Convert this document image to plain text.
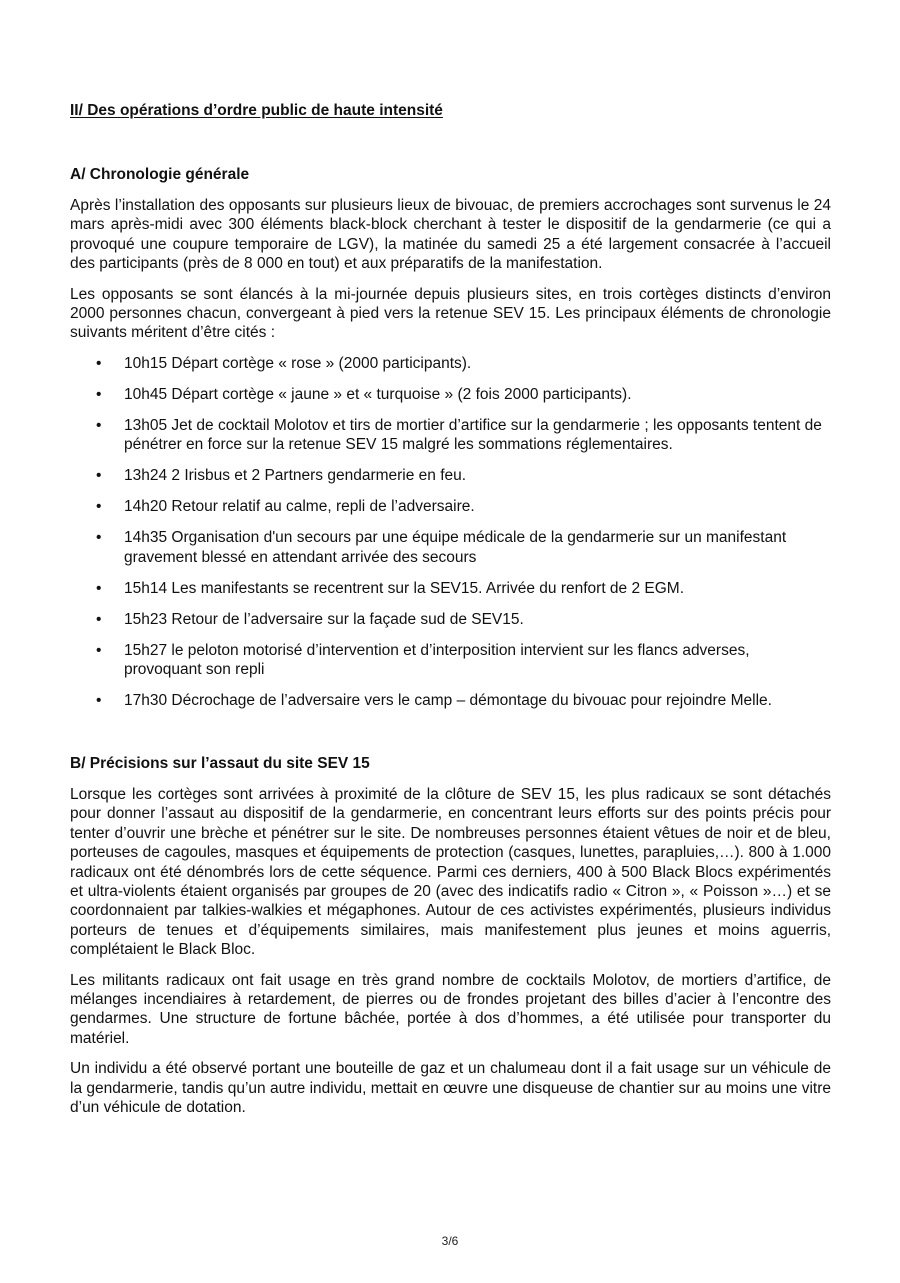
II/ Des opérations d’ordre public de haute intensité

A/ Chronologie générale

Après l’installation des opposants sur plusieurs lieux de bivouac, de premiers accrochages sont survenus le 24 mars après-midi avec 300 éléments black-block cherchant à tester le dispositif de la gendarmerie (ce qui a provoqué une coupure temporaire de LGV), la matinée du samedi 25 a été largement consacrée à l’accueil des participants (près de 8 000 en tout) et aux préparatifs de la manifestation.

Les opposants se sont élancés à la mi-journée depuis plusieurs sites, en trois cortèges distincts d’environ 2000 personnes chacun, convergeant à pied vers la retenue SEV 15. Les principaux éléments de chronologie suivants méritent d’être cités :

• 10h15 Départ cortège « rose » (2000 participants).
• 10h45 Départ cortège « jaune » et « turquoise » (2 fois 2000 participants).
• 13h05 Jet de cocktail Molotov et tirs de mortier d’artifice sur la gendarmerie ; les opposants tentent de pénétrer en force sur la retenue SEV 15 malgré les sommations réglementaires.
• 13h24 2 Irisbus et 2 Partners gendarmerie en feu.
• 14h20 Retour relatif au calme, repli de l’adversaire.
• 14h35 Organisation d'un secours par une équipe médicale de la gendarmerie sur un manifestant gravement blessé en attendant arrivée des secours
• 15h14 Les manifestants se recentrent sur la SEV15. Arrivée du renfort de 2 EGM.
• 15h23 Retour de l’adversaire sur la façade sud de SEV15.
• 15h27 le peloton motorisé d’intervention et d’interposition intervient sur les flancs adverses, provoquant son repli
• 17h30 Décrochage de l’adversaire vers le camp – démontage du bivouac pour rejoindre Melle.

B/ Précisions sur l’assaut du site SEV 15

Lorsque les cortèges sont arrivées à proximité de la clôture de SEV 15, les plus radicaux se sont détachés pour donner l’assaut au dispositif de la gendarmerie, en concentrant leurs efforts sur des points précis pour tenter d’ouvrir une brèche et pénétrer sur le site. De nombreuses personnes étaient vêtues de noir et de bleu, porteuses de cagoules, masques et équipements de protection (casques, lunettes, parapluies,…). 800 à 1.000 radicaux ont été dénombrés lors de cette séquence. Parmi ces derniers, 400 à 500 Black Blocs expérimentés et ultra-violents étaient organisés par groupes de 20 (avec des indicatifs radio « Citron », « Poisson »…) et se coordonnaient par talkies-walkies et mégaphones. Autour de ces activistes expérimentés, plusieurs individus porteurs de tenues et d’équipements similaires, mais manifestement plus jeunes et moins aguerris, complétaient le Black Bloc.

Les militants radicaux ont fait usage en très grand nombre de cocktails Molotov, de mortiers d’artifice, de mélanges incendiaires à retardement, de pierres ou de frondes projetant des billes d’acier à l’encontre des gendarmes. Une structure de fortune bâchée, portée à dos d’hommes, a été utilisée pour transporter du matériel.

Un individu a été observé portant une bouteille de gaz et un chalumeau dont il a fait usage sur un véhicule de la gendarmerie, tandis qu’un autre individu, mettait en œuvre une disqueuse de chantier sur au moins une vitre d’un véhicule de dotation.

3/6
